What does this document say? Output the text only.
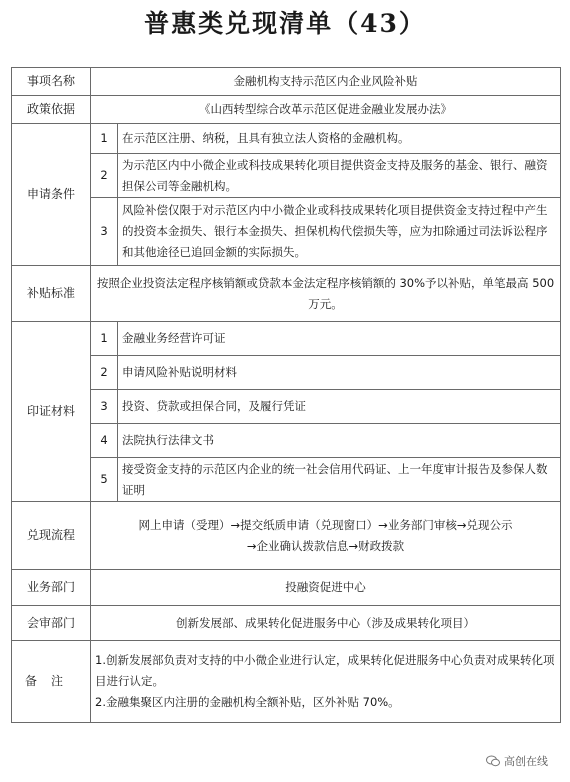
普惠类兑现清单（43）
事项名称	金融机构支持示范区内企业风险补贴	
政策依据	《山西转型综合改革示范区促进金融业发展办法》	
申请条件	1	在示范区注册、纳税，且具有独立法人资格的金融机构。
	2	为示范区内中小微企业或科技成果转化项目提供资金支持及服务的基金、银行、融资担保公司等金融机构。
	3	风险补偿仅限于对示范区内中小微企业或科技成果转化项目提供资金支持过程中产生的投资本金损失、银行本金损失、担保机构代偿损失等，应为扣除通过司法诉讼程序和其他途径已追回金额的实际损失。
补贴标准	按照企业投资法定程序核销额或贷款本金法定程序核销额的 30%予以补贴，单笔最高 500 万元。	
印证材料	1	金融业务经营许可证
	2	申请风险补贴说明材料
	3	投资、贷款或担保合同，及履行凭证
	4	法院执行法律文书
	5	接受资金支持的示范区内企业的统一社会信用代码证、上一年度审计报告及参保人数证明
兑现流程	网上申请（受理）→提交纸质申请（兑现窗口）→业务部门审核→兑现公示
→企业确认拨款信息→财政拨款	

业务部门	投融资促进中心	
会审部门	创新发展部、成果转化促进服务中心（涉及成果转化项目）	
备注	1.创新发展部负责对支持的中小微企业进行认定，成果转化促进服务中心负责对成果转化项目进行认定。
2.金融集聚区内注册的金融机构全额补贴，区外补贴 70%。	
高创在线
